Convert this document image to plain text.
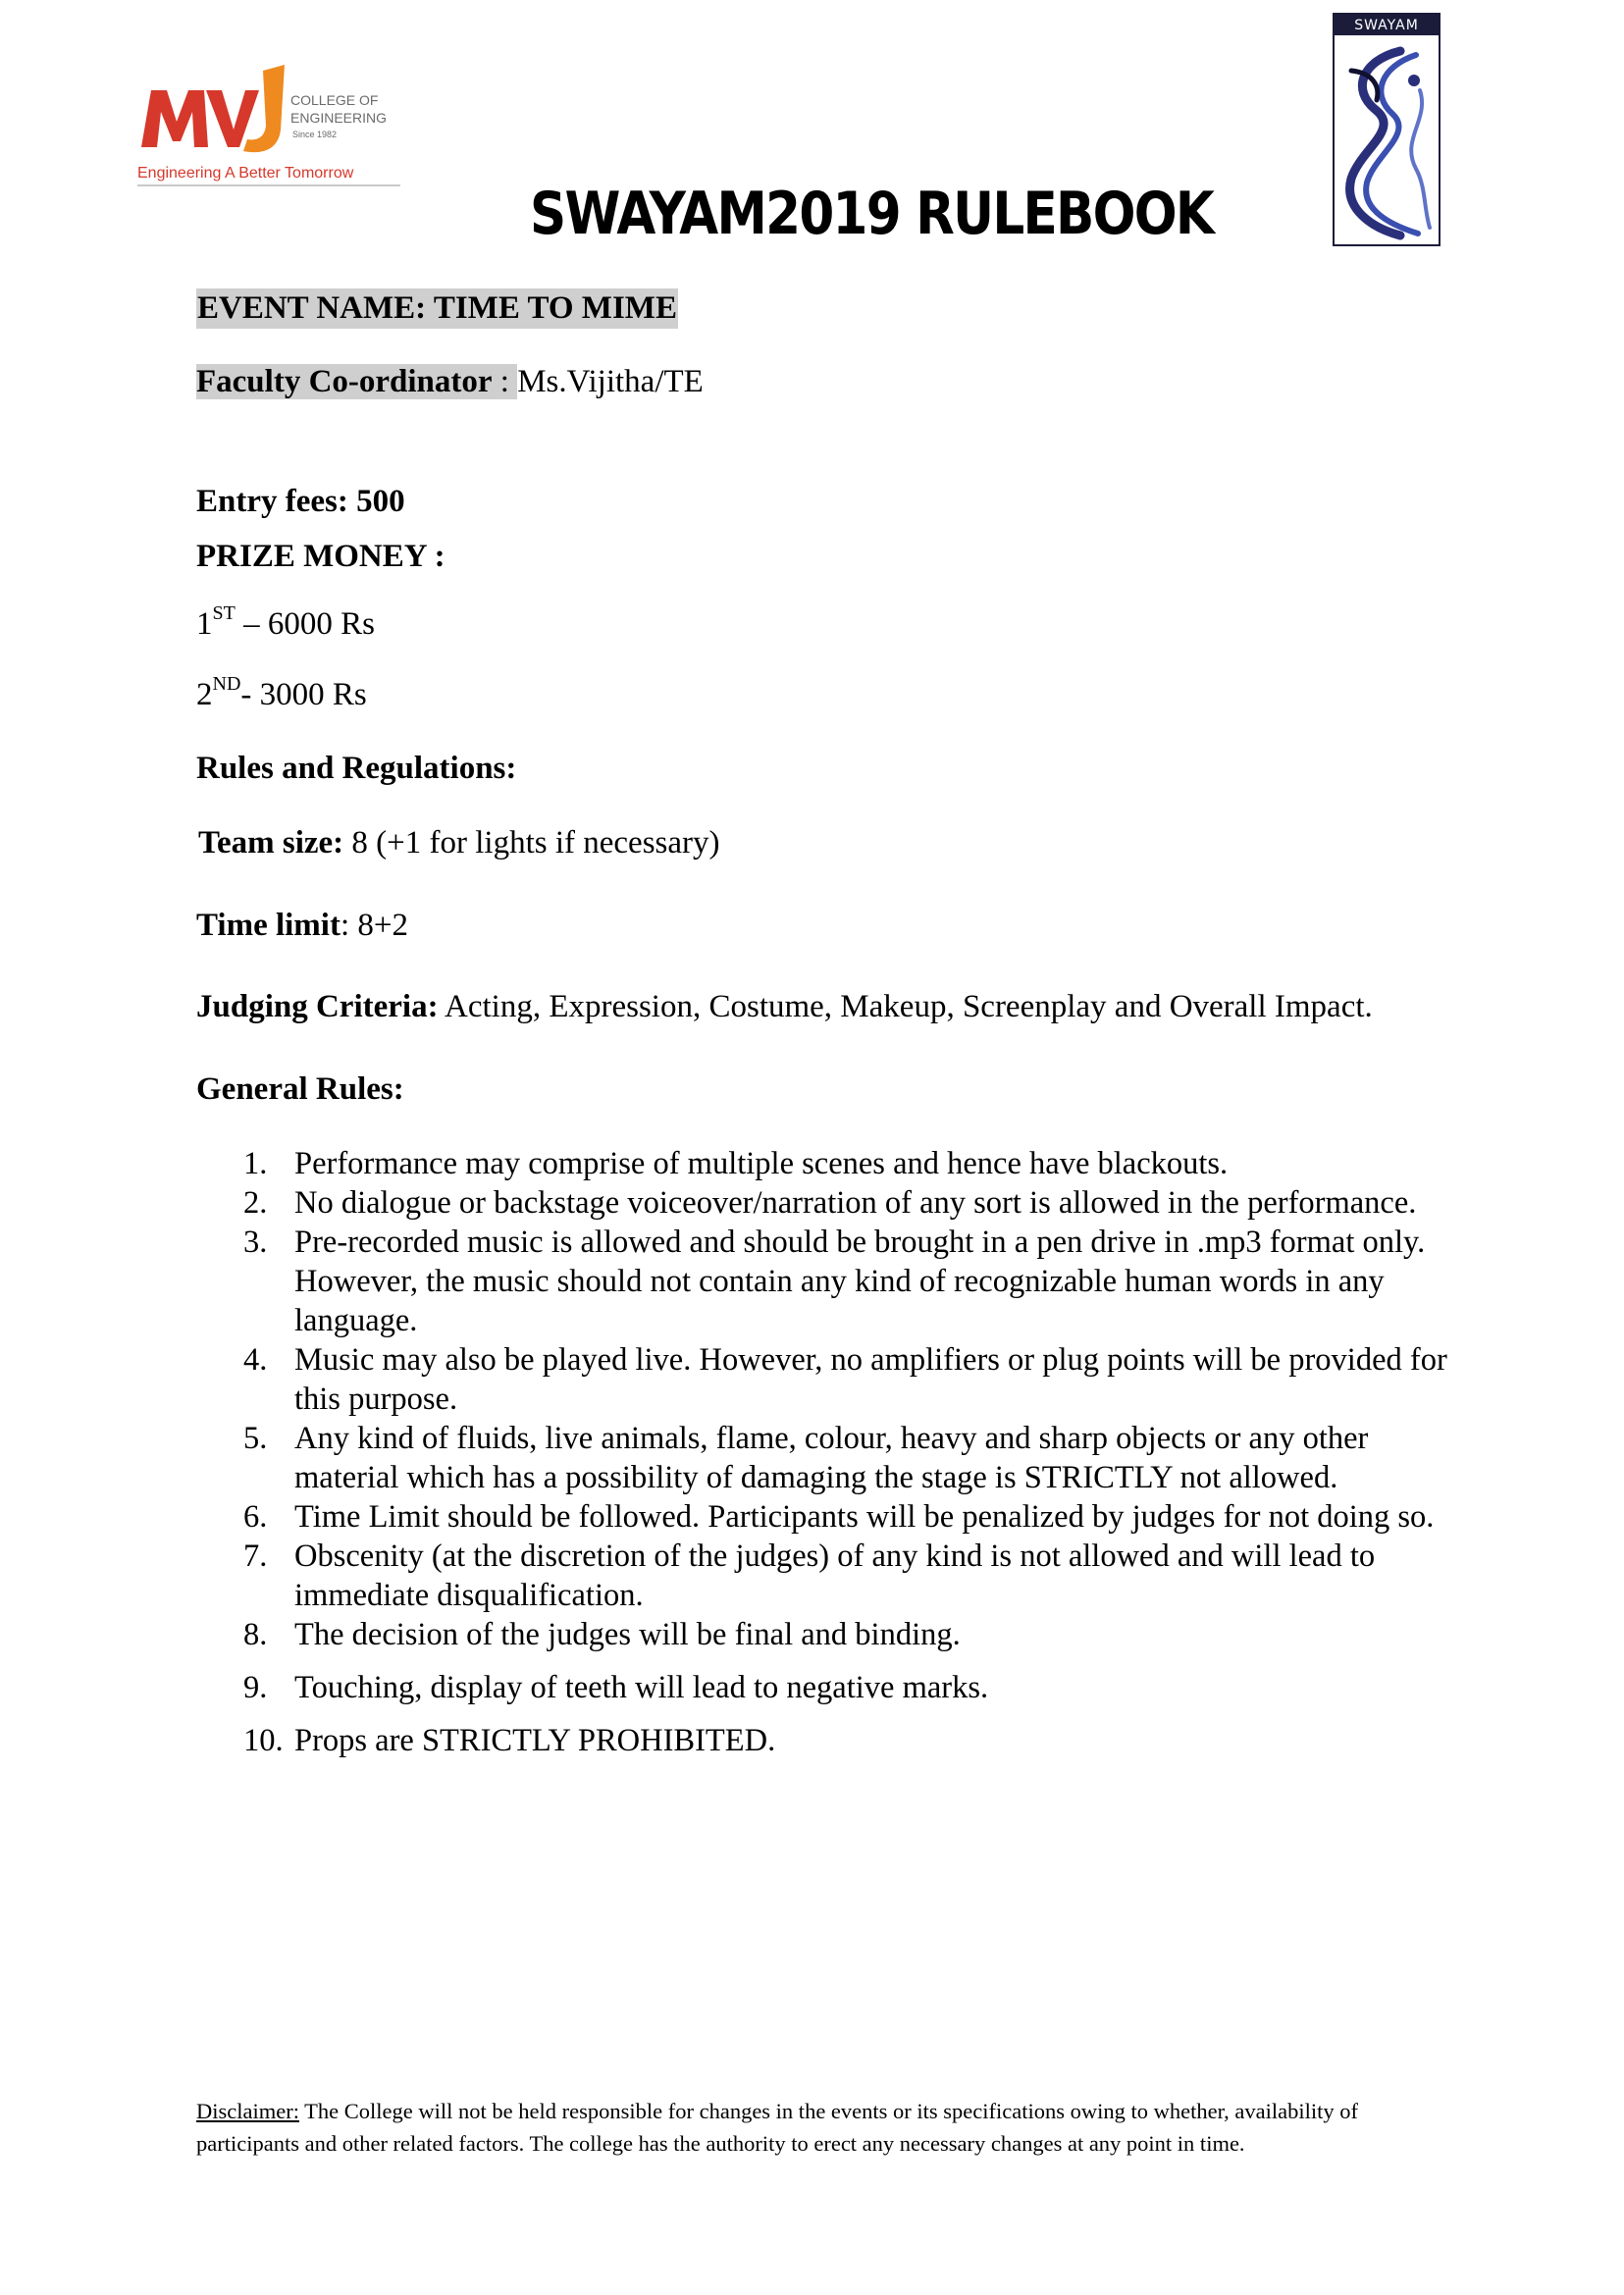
COLLEGE OF
ENGINEERING
Since 1982
Engineering A Better Tomorrow
SWAYAM
SWAYAM2019 RULEBOOK
EVENT NAME: TIME TO MIME
Faculty Co-ordinator : Ms.Vijitha/TE
Entry fees: 500
PRIZE MONEY :
1ST – 6000 Rs
2ND- 3000 Rs
Rules and Regulations:
Team size: 8 (+1 for lights if necessary)
Time limit: 8+2
Judging Criteria: Acting, Expression, Costume, Makeup, Screenplay and Overall Impact.
General Rules:
1. Performance may comprise of multiple scenes and hence have blackouts.
2. No dialogue or backstage voiceover/narration of any sort is allowed in the performance.
3. Pre-recorded music is allowed and should be brought in a pen drive in .mp3 format only. However, the music should not contain any kind of recognizable human words in any language.
4. Music may also be played live. However, no amplifiers or plug points will be provided for this purpose.
5. Any kind of fluids, live animals, flame, colour, heavy and sharp objects or any other material which has a possibility of damaging the stage is STRICTLY not allowed.
6. Time Limit should be followed. Participants will be penalized by judges for not doing so.
7. Obscenity (at the discretion of the judges) of any kind is not allowed and will lead to immediate disqualification.
8. The decision of the judges will be final and binding.
9. Touching, display of teeth will lead to negative marks.
10. Props are STRICTLY PROHIBITED.
Disclaimer: The College will not be held responsible for changes in the events or its specifications owing to whether, availability of participants and other related factors. The college has the authority to erect any necessary changes at any point in time.
